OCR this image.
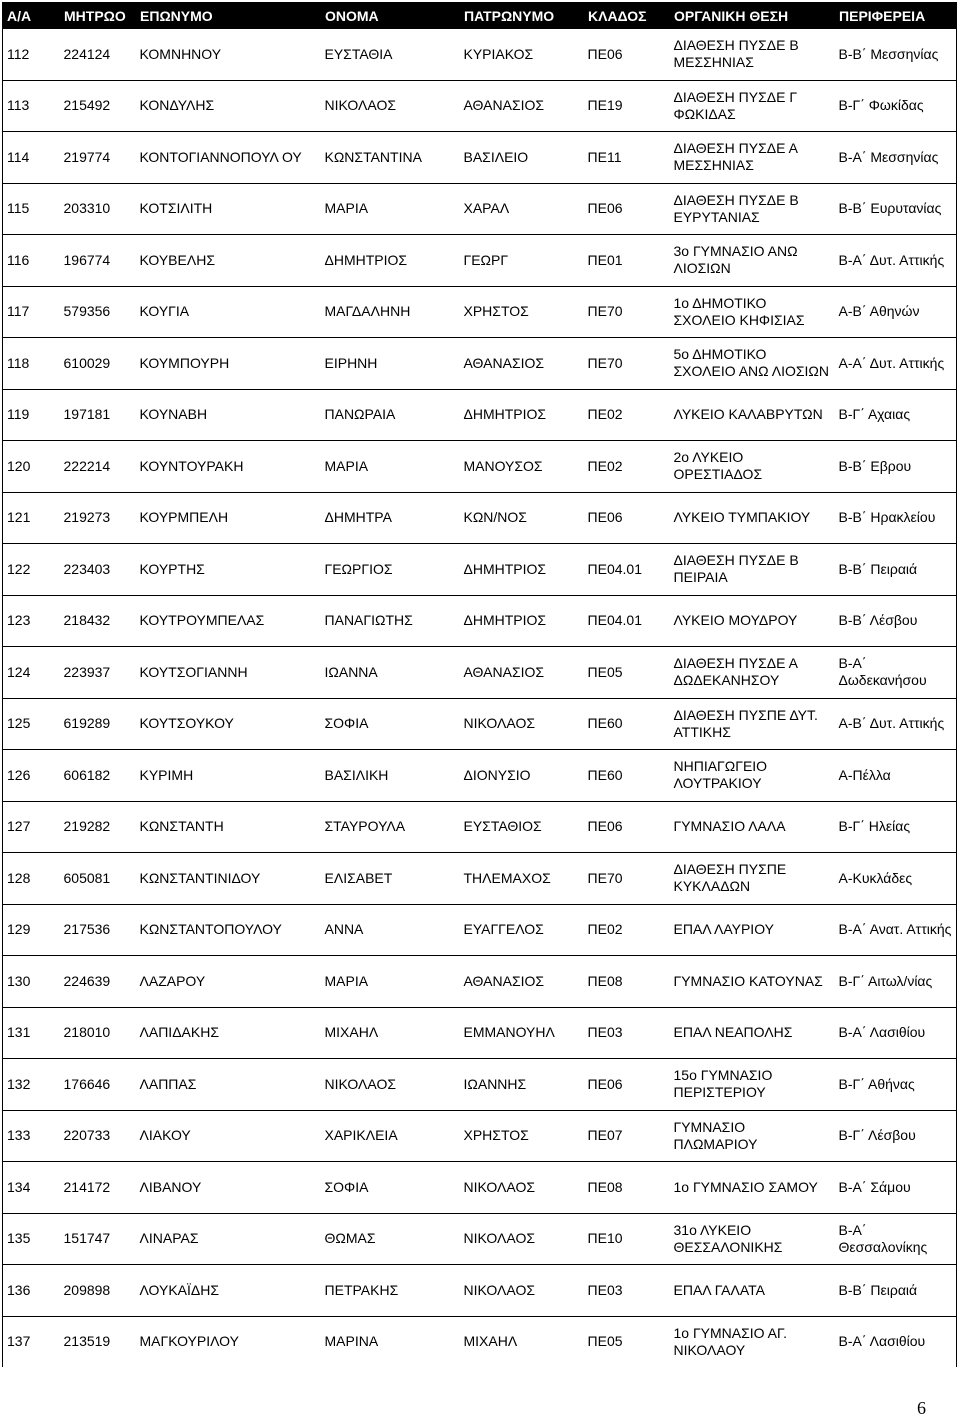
Α/Α	ΜΗΤΡΩΟ	ΕΠΩΝΥΜΟ	ΟΝΟΜΑ	ΠΑΤΡΩΝΥΜΟ	ΚΛΑΔΟΣ	ΟΡΓΑΝΙΚΗ ΘΕΣΗ	ΠΕΡΙΦΕΡΕΙΑ
112	224124	ΚΟΜΝΗΝΟΥ	ΕΥΣΤΑΘΙΑ	ΚΥΡΙΑΚΟΣ	ΠΕ06	ΔΙΑΘΕΣΗ ΠΥΣΔΕ Β ΜΕΣΣΗΝΙΑΣ	Β-Β΄ Μεσσηνίας
113	215492	ΚΟΝΔΥΛΗΣ	ΝΙΚΟΛΑΟΣ	ΑΘΑΝΑΣΙΟΣ	ΠΕ19	ΔΙΑΘΕΣΗ ΠΥΣΔΕ Γ ΦΩΚΙΔΑΣ	Β-Γ΄ Φωκίδας
114	219774	ΚΟΝΤΟΓΙΑΝΝΟΠΟΥΛ ΟΥ	ΚΩΝΣΤΑΝΤΙΝΑ	ΒΑΣΙΛΕΙΟ	ΠΕ11	ΔΙΑΘΕΣΗ ΠΥΣΔΕ Α ΜΕΣΣΗΝΙΑΣ	Β-Α΄ Μεσσηνίας
115	203310	ΚΟΤΣΙΛΙΤΗ	ΜΑΡΙΑ	ΧΑΡΑΛ	ΠΕ06	ΔΙΑΘΕΣΗ ΠΥΣΔΕ Β ΕΥΡΥΤΑΝΙΑΣ	Β-Β΄ Ευρυτανίας
116	196774	ΚΟΥΒΕΛΗΣ	ΔΗΜΗΤΡΙΟΣ	ΓΕΩΡΓ	ΠΕ01	3ο ΓΥΜΝΑΣΙΟ ΑΝΩ ΛΙΟΣΙΩΝ	Β-Α΄ Δυτ. Αττικής
117	579356	ΚΟΥΓΙΑ	ΜΑΓΔΑΛΗΝΗ	ΧΡΗΣΤΟΣ	ΠΕ70	1ο ΔΗΜΟΤΙΚΟ ΣΧΟΛΕΙΟ ΚΗΦΙΣΙΑΣ	Α-Β΄ Αθηνών
118	610029	ΚΟΥΜΠΟΥΡΗ	ΕΙΡΗΝΗ	ΑΘΑΝΑΣΙΟΣ	ΠΕ70	5ο ΔΗΜΟΤΙΚΟ ΣΧΟΛΕΙΟ ΑΝΩ ΛΙΟΣΙΩΝ	Α-Α΄ Δυτ. Αττικής
119	197181	ΚΟΥΝΑΒΗ	ΠΑΝΩΡΑΙΑ	ΔΗΜΗΤΡΙΟΣ	ΠΕ02	ΛΥΚΕΙΟ ΚΑΛΑΒΡΥΤΩΝ	Β-Γ΄ Αχαιας
120	222214	ΚΟΥΝΤΟΥΡΑΚΗ	ΜΑΡΙΑ	ΜΑΝΟΥΣΟΣ	ΠΕ02	2ο ΛΥΚΕΙΟ ΟΡΕΣΤΙΑΔΟΣ	Β-Β΄ Εβρου
121	219273	ΚΟΥΡΜΠΕΛΗ	ΔΗΜΗΤΡΑ	ΚΩΝ/ΝΟΣ	ΠΕ06	ΛΥΚΕΙΟ ΤΥΜΠΑΚΙΟΥ	Β-Β΄ Ηρακλείου
122	223403	ΚΟΥΡΤΗΣ	ΓΕΩΡΓΙΟΣ	ΔΗΜΗΤΡΙΟΣ	ΠΕ04.01	ΔΙΑΘΕΣΗ ΠΥΣΔΕ Β ΠΕΙΡΑΙΑ	Β-Β΄ Πειραιά
123	218432	ΚΟΥΤΡΟΥΜΠΕΛΑΣ	ΠΑΝΑΓΙΩΤΗΣ	ΔΗΜΗΤΡΙΟΣ	ΠΕ04.01	ΛΥΚΕΙΟ ΜΟΥΔΡΟΥ	Β-Β΄ Λέσβου
124	223937	ΚΟΥΤΣΟΓΙΑΝΝΗ	ΙΩΑΝΝΑ	ΑΘΑΝΑΣΙΟΣ	ΠΕ05	ΔΙΑΘΕΣΗ ΠΥΣΔΕ Α ΔΩΔΕΚΑΝΗΣΟΥ	Β-Α΄ Δωδεκανήσου
125	619289	ΚΟΥΤΣΟΥΚΟΥ	ΣΟΦΙΑ	ΝΙΚΟΛΑΟΣ	ΠΕ60	ΔΙΑΘΕΣΗ ΠΥΣΠΕ ΔΥΤ. ΑΤΤΙΚΗΣ	Α-Β΄ Δυτ. Αττικής
126	606182	ΚΥΡΙΜΗ	ΒΑΣΙΛΙΚΗ	ΔΙΟΝΥΣΙΟ	ΠΕ60	ΝΗΠΙΑΓΩΓΕΙΟ ΛΟΥΤΡΑΚΙΟΥ	Α-Πέλλα
127	219282	ΚΩΝΣΤΑΝΤΗ	ΣΤΑΥΡΟΥΛΑ	ΕΥΣΤΑΘΙΟΣ	ΠΕ06	ΓΥΜΝΑΣΙΟ ΛΑΛΑ	Β-Γ΄ Ηλείας
128	605081	ΚΩΝΣΤΑΝΤΙΝΙΔΟΥ	ΕΛΙΣΑΒΕΤ	ΤΗΛΕΜΑΧΟΣ	ΠΕ70	ΔΙΑΘΕΣΗ ΠΥΣΠΕ ΚΥΚΛΑΔΩΝ	Α-Κυκλάδες
129	217536	ΚΩΝΣΤΑΝΤΟΠΟΥΛΟΥ	ΑΝΝΑ	ΕΥΑΓΓΕΛΟΣ	ΠΕ02	ΕΠΑΛ ΛΑΥΡΙΟΥ	Β-Α΄ Ανατ. Αττικής
130	224639	ΛΑΖΑΡΟΥ	ΜΑΡΙΑ	ΑΘΑΝΑΣΙΟΣ	ΠΕ08	ΓΥΜΝΑΣΙΟ ΚΑΤΟΥΝΑΣ	Β-Γ΄ Αιτωλ/νίας
131	218010	ΛΑΠΙΔΑΚΗΣ	ΜΙΧΑΗΛ	ΕΜΜΑΝΟΥΗΛ	ΠΕ03	ΕΠΑΛ ΝΕΑΠΟΛΗΣ	Β-Α΄ Λασιθίου
132	176646	ΛΑΠΠΑΣ	ΝΙΚΟΛΑΟΣ	ΙΩΑΝΝΗΣ	ΠΕ06	15ο ΓΥΜΝΑΣΙΟ ΠΕΡΙΣΤΕΡΙΟΥ	Β-Γ΄ Αθήνας
133	220733	ΛΙΑΚΟΥ	ΧΑΡΙΚΛΕΙΑ	ΧΡΗΣΤΟΣ	ΠΕ07	ΓΥΜΝΑΣΙΟ ΠΛΩΜΑΡΙΟΥ	Β-Γ΄ Λέσβου
134	214172	ΛΙΒΑΝΟΥ	ΣΟΦΙΑ	ΝΙΚΟΛΑΟΣ	ΠΕ08	1ο ΓΥΜΝΑΣΙΟ ΣΑΜΟΥ	Β-Α΄ Σάμου
135	151747	ΛΙΝΑΡΑΣ	ΘΩΜΑΣ	ΝΙΚΟΛΑΟΣ	ΠΕ10	31ο ΛΥΚΕΙΟ ΘΕΣΣΑΛΟΝΙΚΗΣ	Β-Α΄ Θεσσαλονίκης
136	209898	ΛΟΥΚΑΪΔΗΣ	ΠΕΤΡΑΚΗΣ	ΝΙΚΟΛΑΟΣ	ΠΕ03	ΕΠΑΛ ΓΑΛΑΤΑ	Β-Β΄ Πειραιά
137	213519	ΜΑΓΚΟΥΡΙΛΟΥ	ΜΑΡΙΝΑ	ΜΙΧΑΗΛ	ΠΕ05	1ο ΓΥΜΝΑΣΙΟ ΑΓ. ΝΙΚΟΛΑΟΥ	Β-Α΄ Λασιθίου
6
